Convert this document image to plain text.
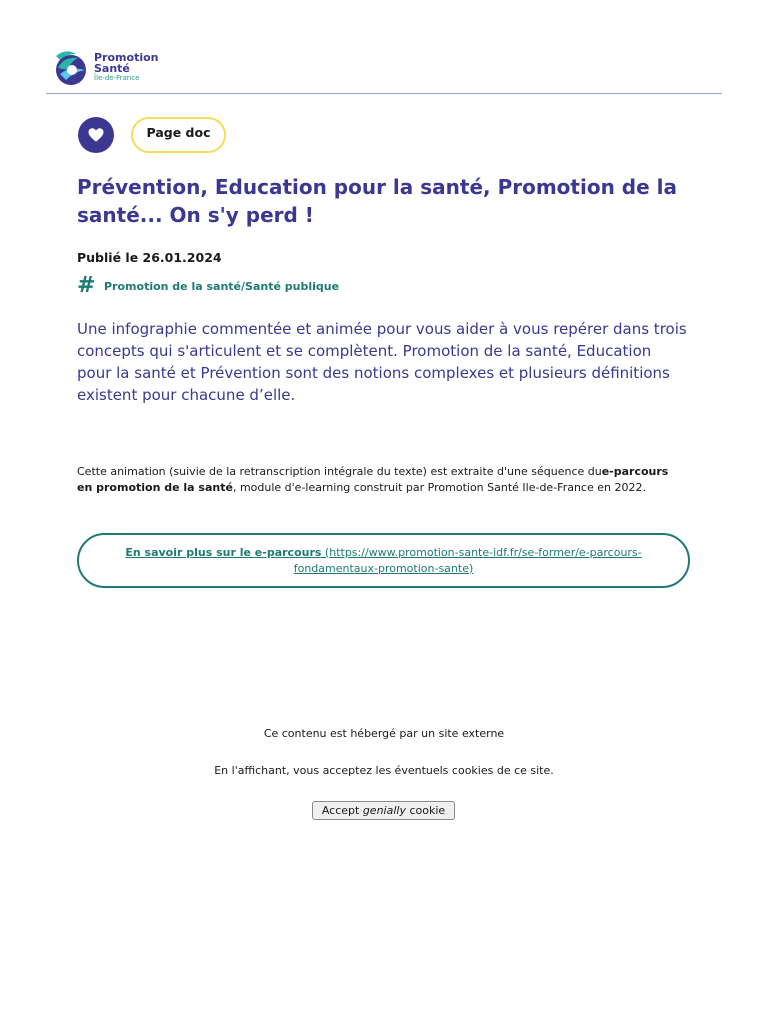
Promotion
Santé
Île-de-France
Page doc
Prévention, Education pour la santé, Promotion de la santé... On s'y perd !
Publié le 26.01.2024
# Promotion de la santé/Santé publique

Une infographie commentée et animée pour vous aider à vous repérer dans trois concepts qui s'articulent et se complètent. Promotion de la santé, Education pour la santé et Prévention sont des notions complexes et plusieurs définitions existent pour chacune d’elle.

Cette animation (suivie de la retranscription intégrale du texte) est extraite d'une séquence due-parcours en promotion de la santé, module d'e-learning construit par Promotion Santé Ile-de-France en 2022.

En savoir plus sur le e-parcours (https://www.promotion-sante-idf.fr/se-former/e-parcours-fondamentaux-promotion-sante)
Ce contenu est hébergé par un site externe
En l'affichant, vous acceptez les éventuels cookies de ce site.
Accept
genially
cookie
